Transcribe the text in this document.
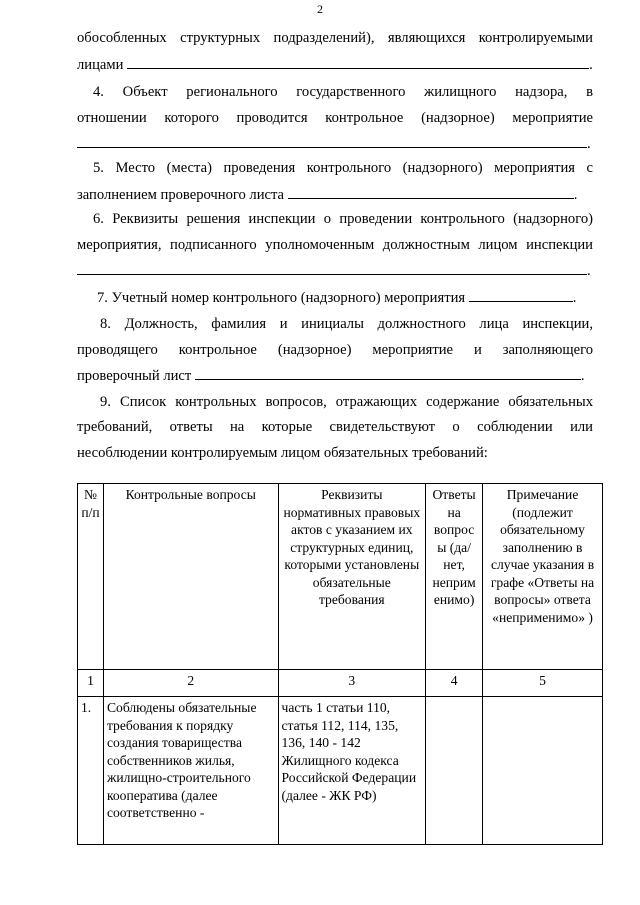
2
обособленных структурных подразделений), являющихся контролируемыми
лицами	.
4. Объект регионального государственного жилищного надзора, в
отношении которого проводится контрольное (надзорное) мероприятие
.
5. Место (места) проведения контрольного (надзорного) мероприятия с
заполнением проверочного листа	.
6. Реквизиты решения инспекции о проведении контрольного (надзорного)
мероприятия, подписанного уполномоченным должностным лицом инспекции
.
7. Учетный номер контрольного (надзорного) мероприятия	.
8. Должность, фамилия и инициалы должностного лица инспекции,
проводящего контрольное (надзорное) мероприятие и заполняющего
проверочный лист	.
9. Список контрольных вопросов, отражающих содержание обязательных
требований, ответы на которые свидетельствуют о соблюдении или
несоблюдении контролируемым лицом обязательных требований:
№ п/п	Контрольные вопросы	Реквизиты нормативных правовых актов с указанием их структурных единиц, которыми установлены обязательные требования	Ответы на вопрос ы (да/нет, неприм енимо)	Примечание (подлежит обязательному заполнению в случае указания в графе «Ответы на вопросы» ответа «неприменимо» )
1	2	3	4	5
1.	Соблюдены обязательные требования к порядку создания товарищества собственников жилья, жилищно-строительного кооператива (далее соответственно -	часть 1 статьи 110, статья 112, 114, 135, 136, 140 - 142 Жилищного кодекса Российской Федерации (далее - ЖК РФ)		
